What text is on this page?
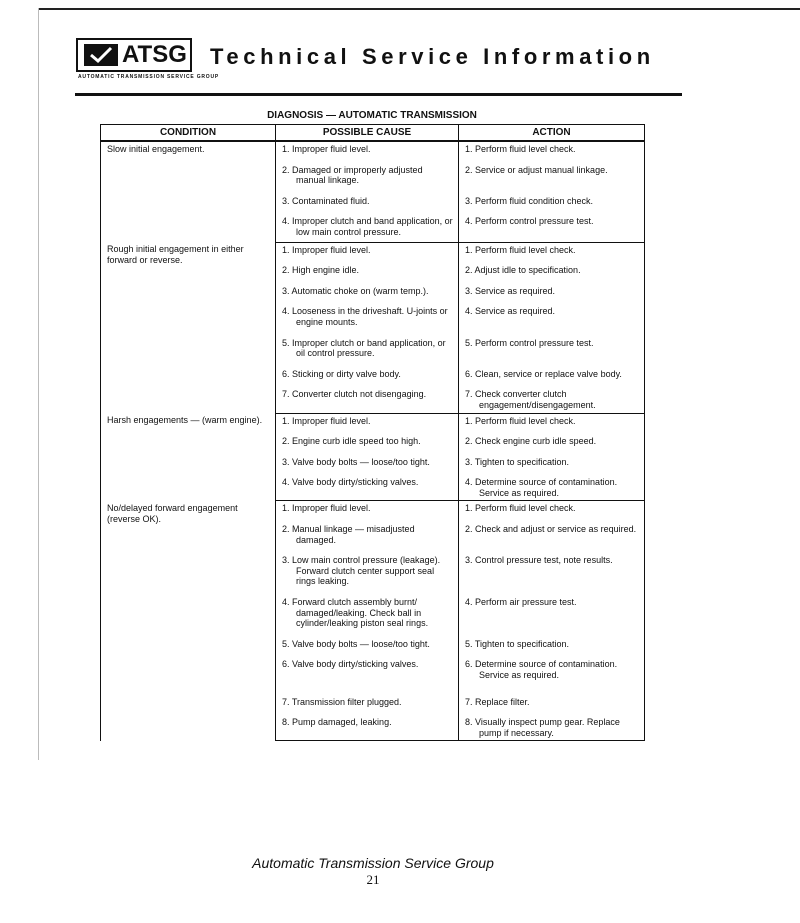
ATSG
AUTOMATIC TRANSMISSION SERVICE GROUP
Technical Service Information
DIAGNOSIS — AUTOMATIC TRANSMISSION
CONDITION	POSSIBLE CAUSE	ACTION
Slow initial engagement.	1. Improper fluid level.	1. Perform fluid level check.

	2. Damaged or improperly adjusted manual linkage.	2. Service or adjust manual linkage.

	3. Contaminated fluid.	3. Perform fluid condition check.

	4. Improper clutch and band application, or low main control pressure.	4. Perform control pressure test.

Rough initial engagement in either forward or reverse.	1. Improper fluid level.	1. Perform fluid level check.

	2. High engine idle.	2. Adjust idle to specification.

	3. Automatic choke on (warm temp.).	3. Service as required.

	4. Looseness in the driveshaft. U-joints or engine mounts.	4. Service as required.

	5. Improper clutch or band application, or oil control pressure.	5. Perform control pressure test.

	6. Sticking or dirty valve body.	6. Clean, service or replace valve body.

	7. Converter clutch not disengaging.	7. Check converter clutch engagement/disengagement.

Harsh engagements — (warm engine).	1. Improper fluid level.	1. Perform fluid level check.

	2. Engine curb idle speed too high.	2. Check engine curb idle speed.

	3. Valve body bolts — loose/too tight.	3. Tighten to specification.

	4. Valve body dirty/sticking valves.	4. Determine source of contamination. Service as required.

No/delayed forward engagement (reverse OK).	1. Improper fluid level.	1. Perform fluid level check.

	2. Manual linkage — misadjusted damaged.	2. Check and adjust or service as required.

	3. Low main control pressure (leakage). Forward clutch center support seal rings leaking.	3. Control pressure test, note results.

	4. Forward clutch assembly burnt/ damaged/leaking. Check ball in cylinder/leaking piston seal rings.	4. Perform air pressure test.

	5. Valve body bolts — loose/too tight.	5. Tighten to specification.

	6. Valve body dirty/sticking valves.	6. Determine source of contamination. Service as required.

	7. Transmission filter plugged.	7. Replace filter.

	8. Pump damaged, leaking.	8. Visually inspect pump gear. Replace pump if necessary.
Automatic Transmission Service Group
21
